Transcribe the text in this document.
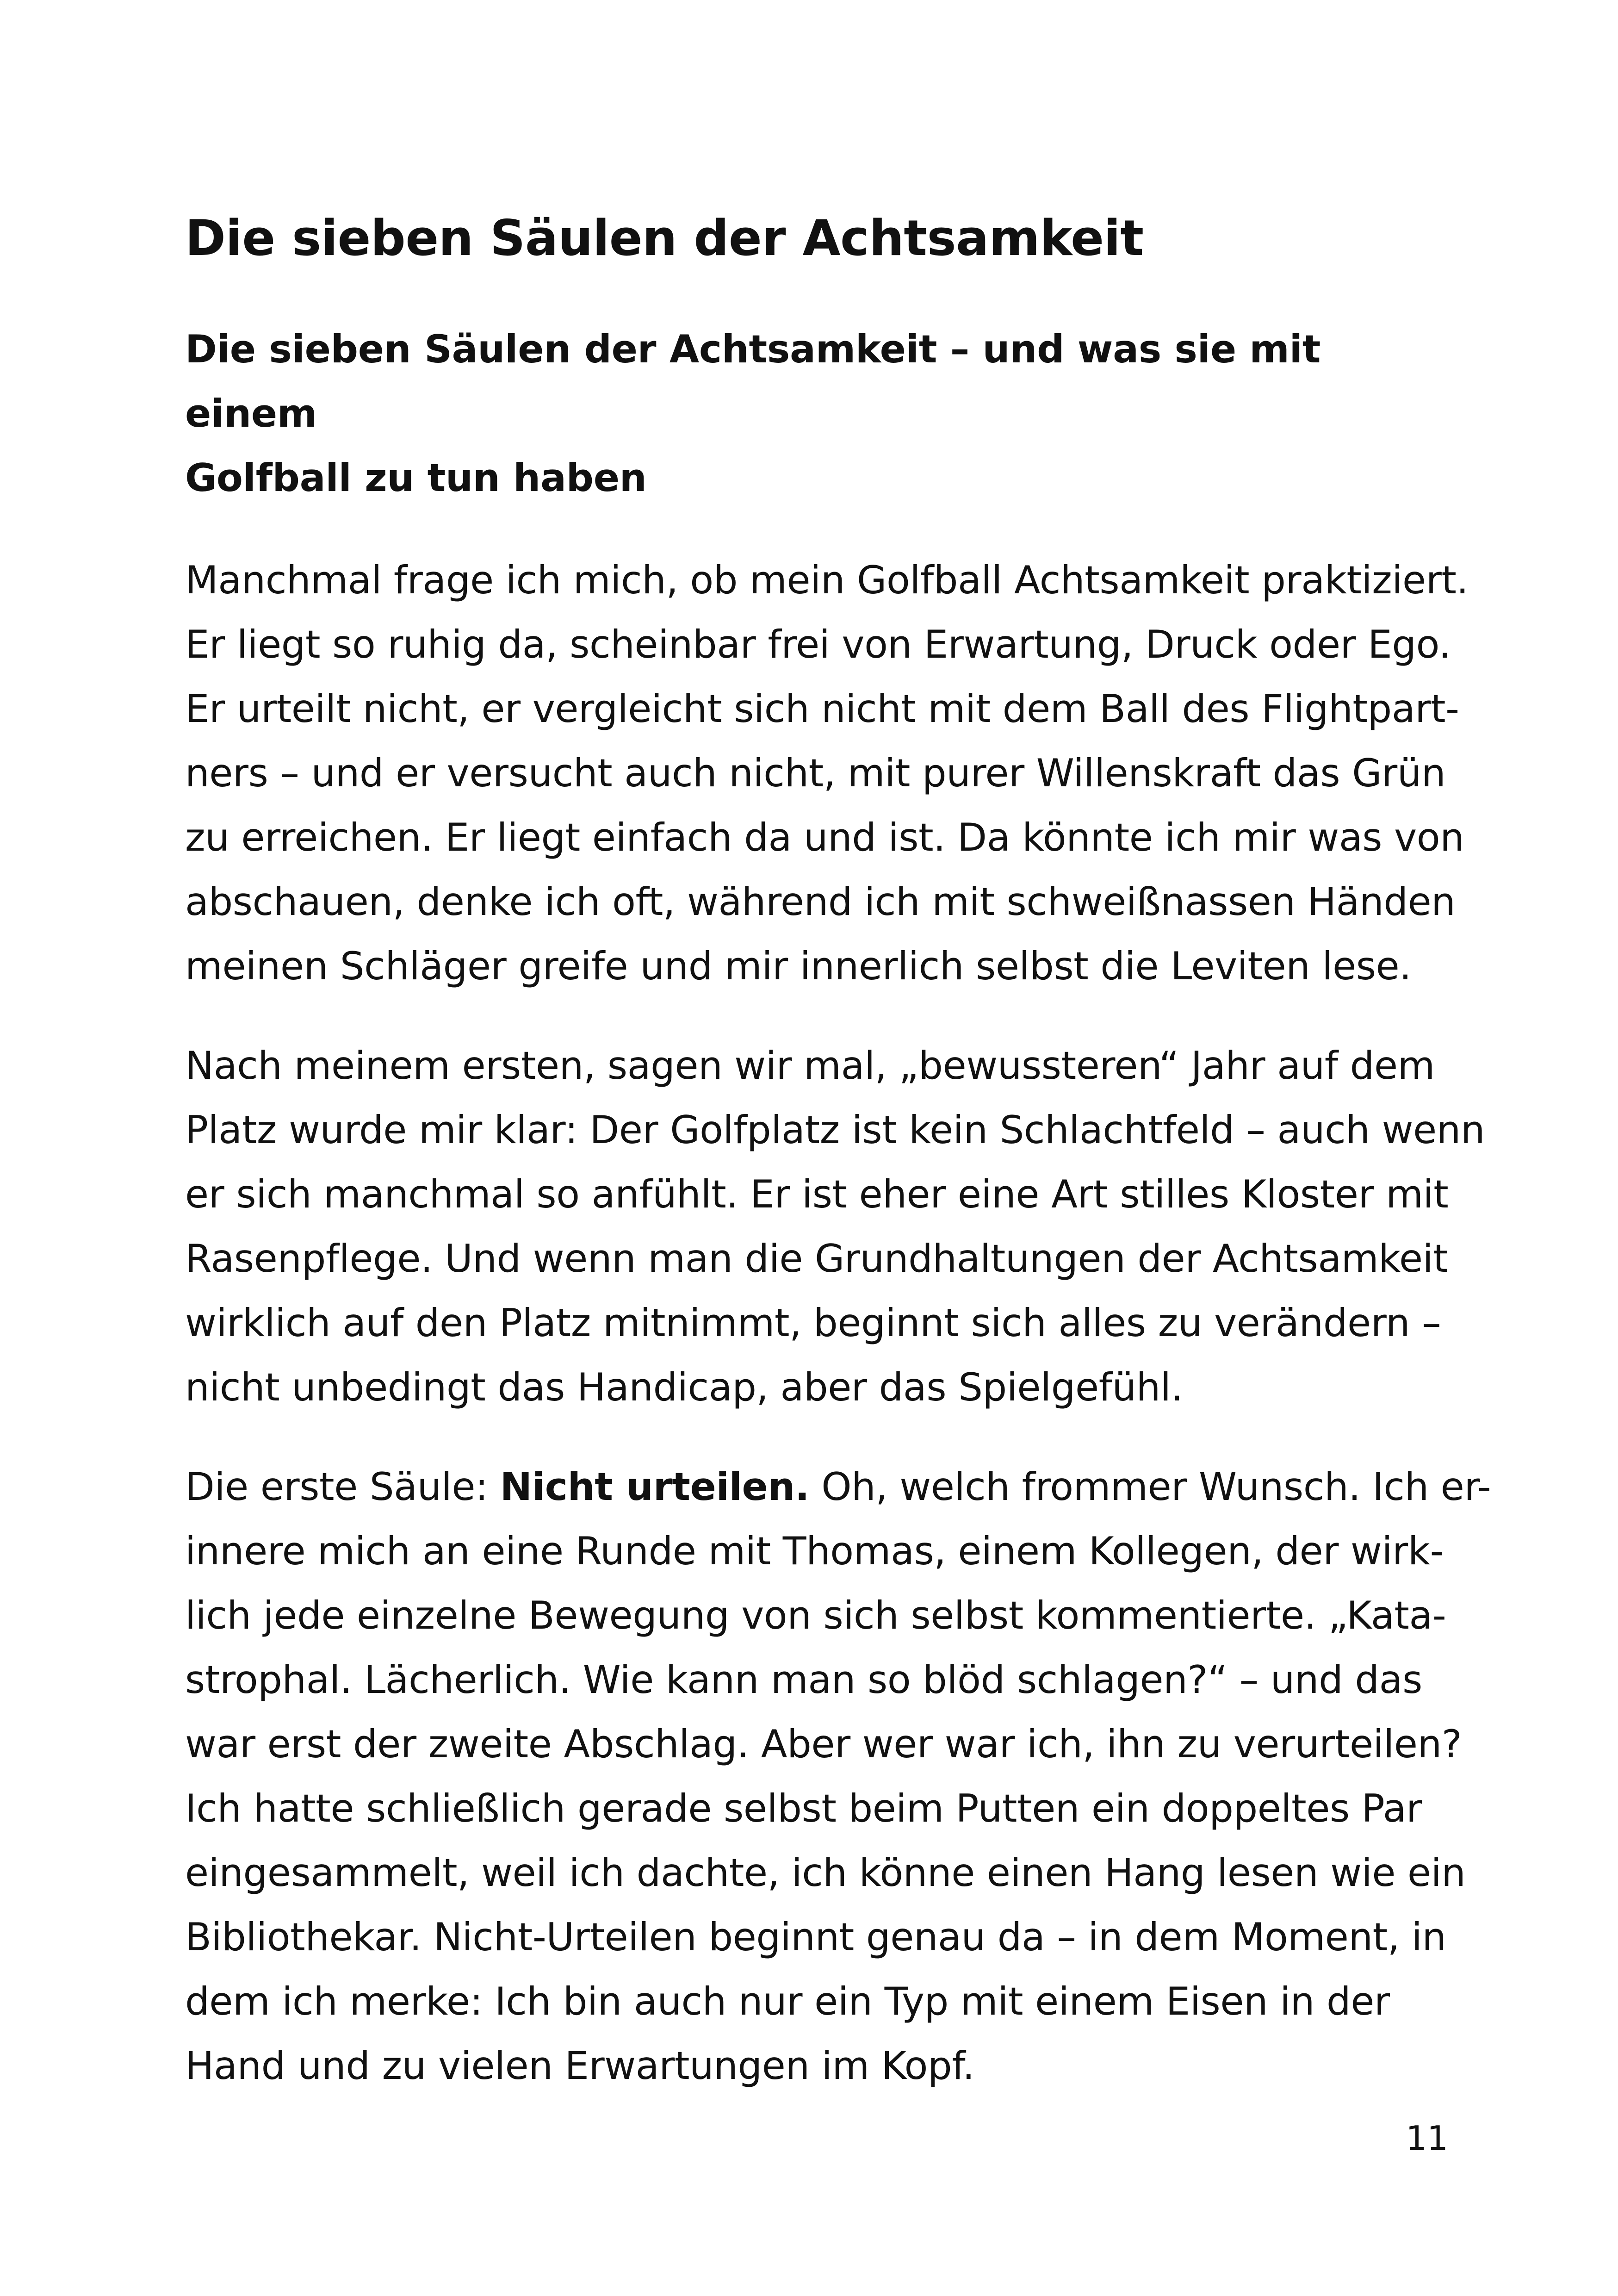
Die sieben Säulen der Achtsamkeit
Die sieben Säulen der Achtsamkeit – und was sie mit einem
Golfball zu tun haben

Manchmal frage ich mich, ob mein Golfball Achtsamkeit praktiziert.
Er liegt so ruhig da, scheinbar frei von Erwartung, Druck oder Ego.
Er urteilt nicht, er vergleicht sich nicht mit dem Ball des Flightpart-
ners – und er versucht auch nicht, mit purer Willenskraft das Grün
zu erreichen. Er liegt einfach da und ist. Da könnte ich mir was von
abschauen, denke ich oft, während ich mit schweißnassen Händen
meinen Schläger greife und mir innerlich selbst die Leviten lese.

Nach meinem ersten, sagen wir mal, „bewussteren“ Jahr auf dem
Platz wurde mir klar: Der Golfplatz ist kein Schlachtfeld – auch wenn
er sich manchmal so anfühlt. Er ist eher eine Art stilles Kloster mit
Rasenpflege. Und wenn man die Grundhaltungen der Achtsamkeit
wirklich auf den Platz mitnimmt, beginnt sich alles zu verändern –
nicht unbedingt das Handicap, aber das Spielgefühl.

Die erste Säule: Nicht urteilen. Oh, welch frommer Wunsch. Ich er-
innere mich an eine Runde mit Thomas, einem Kollegen, der wirk-
lich jede einzelne Bewegung von sich selbst kommentierte. „Kata-
strophal. Lächerlich. Wie kann man so blöd schlagen?“ – und das
war erst der zweite Abschlag. Aber wer war ich, ihn zu verurteilen?
Ich hatte schließlich gerade selbst beim Putten ein doppeltes Par
eingesammelt, weil ich dachte, ich könne einen Hang lesen wie ein
Bibliothekar. Nicht-Urteilen beginnt genau da – in dem Moment, in
dem ich merke: Ich bin auch nur ein Typ mit einem Eisen in der
Hand und zu vielen Erwartungen im Kopf.

11
